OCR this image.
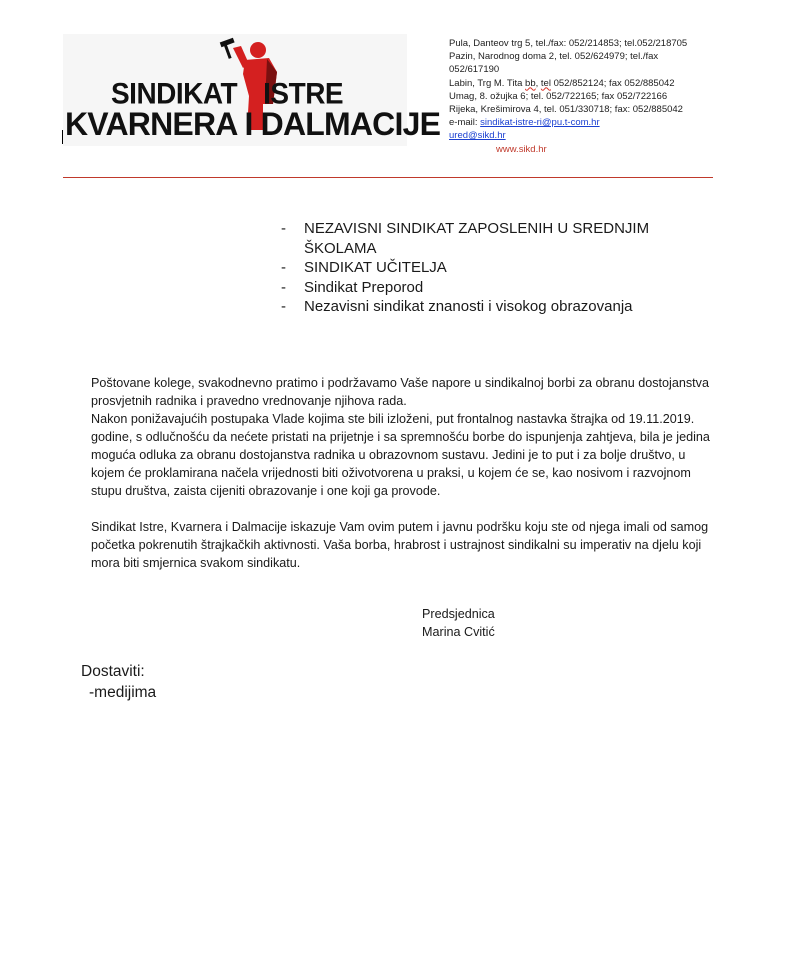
SINDIKAT ISTRE
KVARNERA I DALMACIJE
Pula, Danteov trg 5, tel./fax: 052/214853; tel.052/218705
Pazin, Narodnog doma 2, tel. 052/624979; tel./fax
052/617190
Labin, Trg M. Tita bb, tel 052/852124; fax 052/885042
Umag, 8. ožujka 6; tel. 052/722165; fax 052/722166
Rijeka, Krešimirova 4, tel. 051/330718; fax: 052/885042
e-mail: sindikat-istre-ri@pu.t-com.hr
ured@sikd.hr
www.sikd.hr
- NEZAVISNI SINDIKAT ZAPOSLENIH U SREDNJIM ŠKOLAMA
- SINDIKAT UČITELJA
- Sindikat Preporod
- Nezavisni sindikat znanosti i visokog obrazovanja

Poštovane kolege, svakodnevno pratimo i podržavamo Vaše napore u sindikalnoj borbi za obranu dostojanstva prosvjetnih radnika i pravedno vrednovanje njihova rada.

Nakon ponižavajućih postupaka Vlade kojima ste bili izloženi, put frontalnog nastavka štrajka od 19.11.2019. godine, s odlučnošću da nećete pristati na prijetnje i sa spremnošću borbe do ispunjenja zahtjeva, bila je jedina moguća odluka za obranu dostojanstva radnika u obrazovnom sustavu. Jedini je to put i za bolje društvo, u kojem će proklamirana načela vrijednosti biti oživotvorena u praksi, u kojem će se, kao nosivom i razvojnom stupu društva, zaista cijeniti obrazovanje i one koji ga provode.

Sindikat Istre, Kvarnera i Dalmacije iskazuje Vam ovim putem i javnu podršku koju ste od njega imali od samog početka pokrenutih štrajkačkih aktivnosti. Vaša borba, hrabrost i ustrajnost sindikalni su imperativ na djelu koji mora biti smjernica svakom sindikatu.

Predsjednica
Marina Cvitić
Dostaviti:
-medijima
